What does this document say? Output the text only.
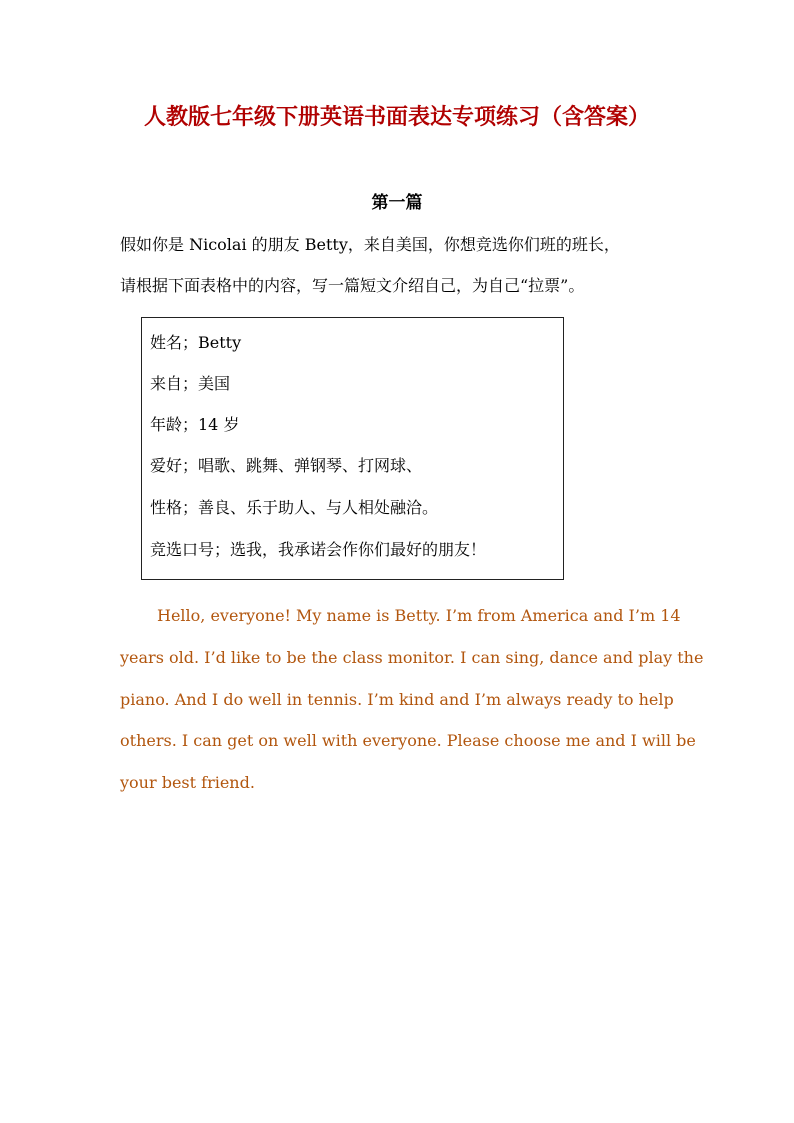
人教版七年级下册英语书面表达专项练习（含答案）
第一篇
假如你是 Nicolai 的朋友 Betty，来自美国，你想竞选你们班的班长，
请根据下面表格中的内容，写一篇短文介绍自己，为自己“拉票”。
姓名；Betty
来自；美国
年龄；14 岁
爱好；唱歌、跳舞、弹钢琴、打网球、
性格；善良、乐于助人、与人相处融洽。
竞选口号；选我，我承诺会作你们最好的朋友！
Hello, everyone! My name is Betty. I’m from America and I’m 14
years old. I’d like to be the class monitor. I can sing, dance and play the
piano. And I do well in tennis. I’m kind and I’m always ready to help
others. I can get on well with everyone. Please choose me and I will be
your best friend.
